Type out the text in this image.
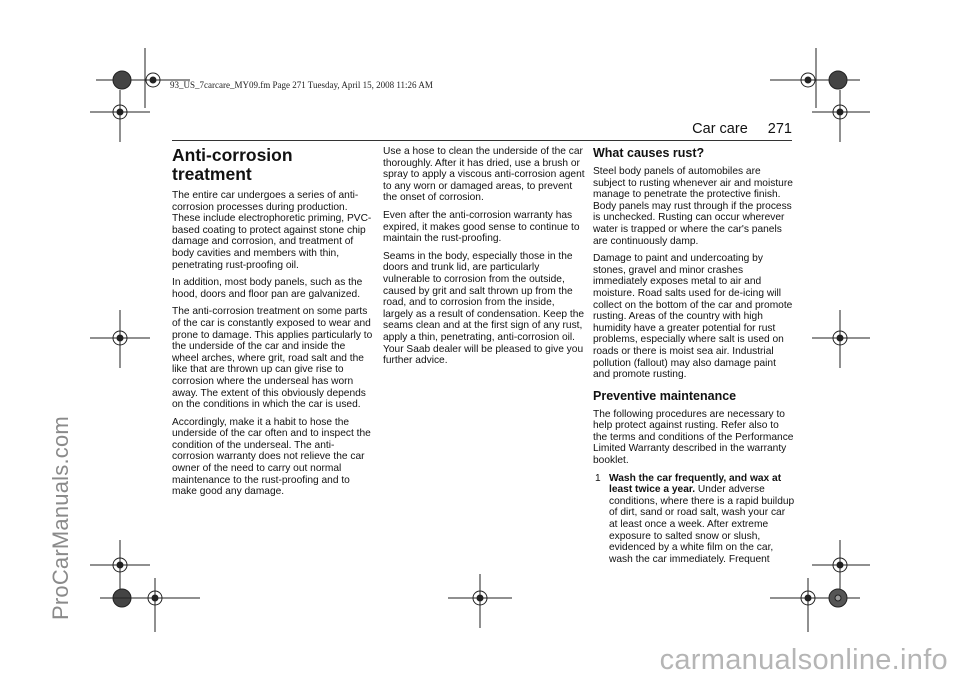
93_US_7carcare_MY09.fm Page 271 Tuesday, April 15, 2008 11:26 AM
ProCarManuals.com
Car care 271
Anti-corrosion treatment

The entire car undergoes a series of anti-corrosion processes during production. These include electrophoretic priming, PVC-based coating to protect against stone chip damage and corrosion, and treatment of body cavities and members with thin, penetrating rust-proofing oil.

In addition, most body panels, such as the hood, doors and floor pan are galvanized.

The anti-corrosion treatment on some parts of the car is constantly exposed to wear and prone to damage. This applies particularly to the underside of the car and inside the wheel arches, where grit, road salt and the like that are thrown up can give rise to corrosion where the underseal has worn away. The extent of this obviously depends on the conditions in which the car is used.

Accordingly, make it a habit to hose the underside of the car often and to inspect the condition of the underseal. The anti-corrosion warranty does not relieve the car owner of the need to carry out normal maintenance to the rust-proofing and to make good any damage.

Use a hose to clean the underside of the car thoroughly. After it has dried, use a brush or spray to apply a viscous anti-corrosion agent to any worn or damaged areas, to prevent the onset of corrosion.

Even after the anti-corrosion warranty has expired, it makes good sense to continue to maintain the rust-proofing.

Seams in the body, especially those in the doors and trunk lid, are particularly vulnerable to corrosion from the outside, caused by grit and salt thrown up from the road, and to corrosion from the inside, largely as a result of condensation. Keep the seams clean and at the first sign of any rust, apply a thin, penetrating, anti-corrosion oil. Your Saab dealer will be pleased to give you further advice.

What causes rust?

Steel body panels of automobiles are subject to rusting whenever air and moisture manage to penetrate the protective finish. Body panels may rust through if the process is unchecked. Rusting can occur wherever water is trapped or where the car's panels are continuously damp.

Damage to paint and undercoating by stones, gravel and minor crashes immediately exposes metal to air and moisture. Road salts used for de-icing will collect on the bottom of the car and promote rusting. Areas of the country with high humidity have a greater potential for rust problems, especially where salt is used on roads or there is moist sea air. Industrial pollution (fallout) may also damage paint and promote rusting.

Preventive maintenance

The following procedures are necessary to help protect against rusting. Refer also to the terms and conditions of the Performance Limited Warranty described in the warranty booklet.

1 Wash the car frequently, and wax at least twice a year. Under adverse conditions, where there is a rapid buildup of dirt, sand or road salt, wash your car at least once a week. After extreme exposure to salted snow or slush, evidenced by a white film on the car, wash the car immediately. Frequent
carmanualsonline.info
